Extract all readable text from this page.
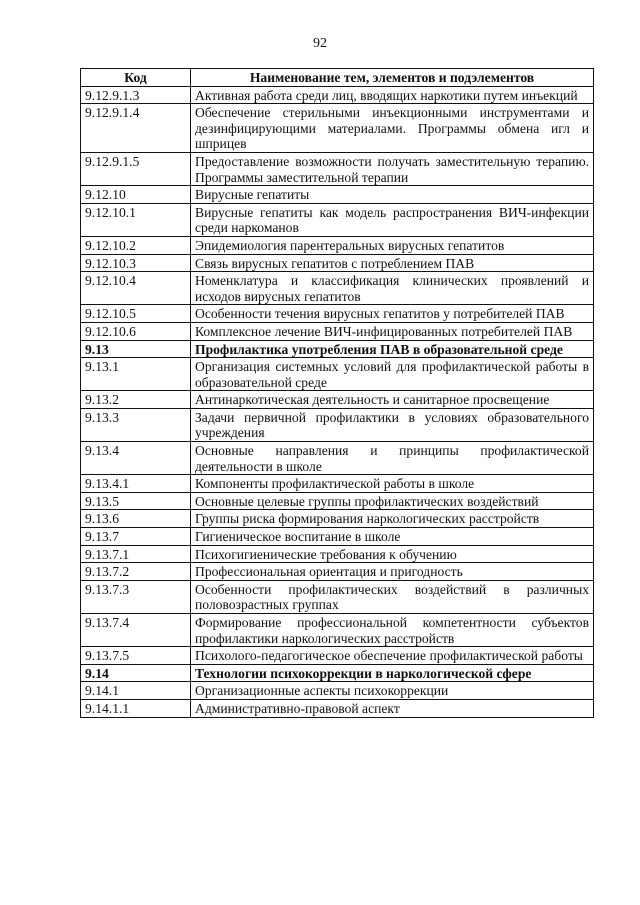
92
Код	Наименование тем, элементов и подэлементов
9.12.9.1.3	Активная работа среди лиц, вводящих наркотики путем инъекций
9.12.9.1.4	Обеспечение стерильными инъекционными инструментами и дезинфицирующими материалами. Программы обмена игл и шприцев
9.12.9.1.5	Предоставление возможности получать заместительную терапию. Программы заместительной терапии
9.12.10	Вирусные гепатиты
9.12.10.1	Вирусные гепатиты как модель распространения ВИЧ-инфекции среди наркоманов
9.12.10.2	Эпидемиология парентеральных вирусных гепатитов
9.12.10.3	Связь вирусных гепатитов с потреблением ПАВ
9.12.10.4	Номенклатура и классификация клинических проявлений и исходов вирусных гепатитов
9.12.10.5	Особенности течения вирусных гепатитов у потребителей ПАВ
9.12.10.6	Комплексное лечение ВИЧ-инфицированных потребителей ПАВ
9.13	Профилактика употребления ПАВ в образовательной среде
9.13.1	Организация системных условий для профилактической работы в образовательной среде
9.13.2	Антинаркотическая деятельность и санитарное просвещение
9.13.3	Задачи первичной профилактики в условиях образовательного учреждения
9.13.4	Основные направления и принципы профилактической деятельности в школе
9.13.4.1	Компоненты профилактической работы в школе
9.13.5	Основные целевые группы профилактических воздействий
9.13.6	Группы риска формирования наркологических расстройств
9.13.7	Гигиеническое воспитание в школе
9.13.7.1	Психогигиенические требования к обучению
9.13.7.2	Профессиональная ориентация и пригодность
9.13.7.3	Особенности профилактических воздействий в различных половозрастных группах
9.13.7.4	Формирование профессиональной компетентности субъектов профилактики наркологических расстройств
9.13.7.5	Психолого-педагогическое обеспечение профилактической работы
9.14	Технологии психокоррекции в наркологической сфере
9.14.1	Организационные аспекты психокоррекции
9.14.1.1	Административно-правовой аспект
